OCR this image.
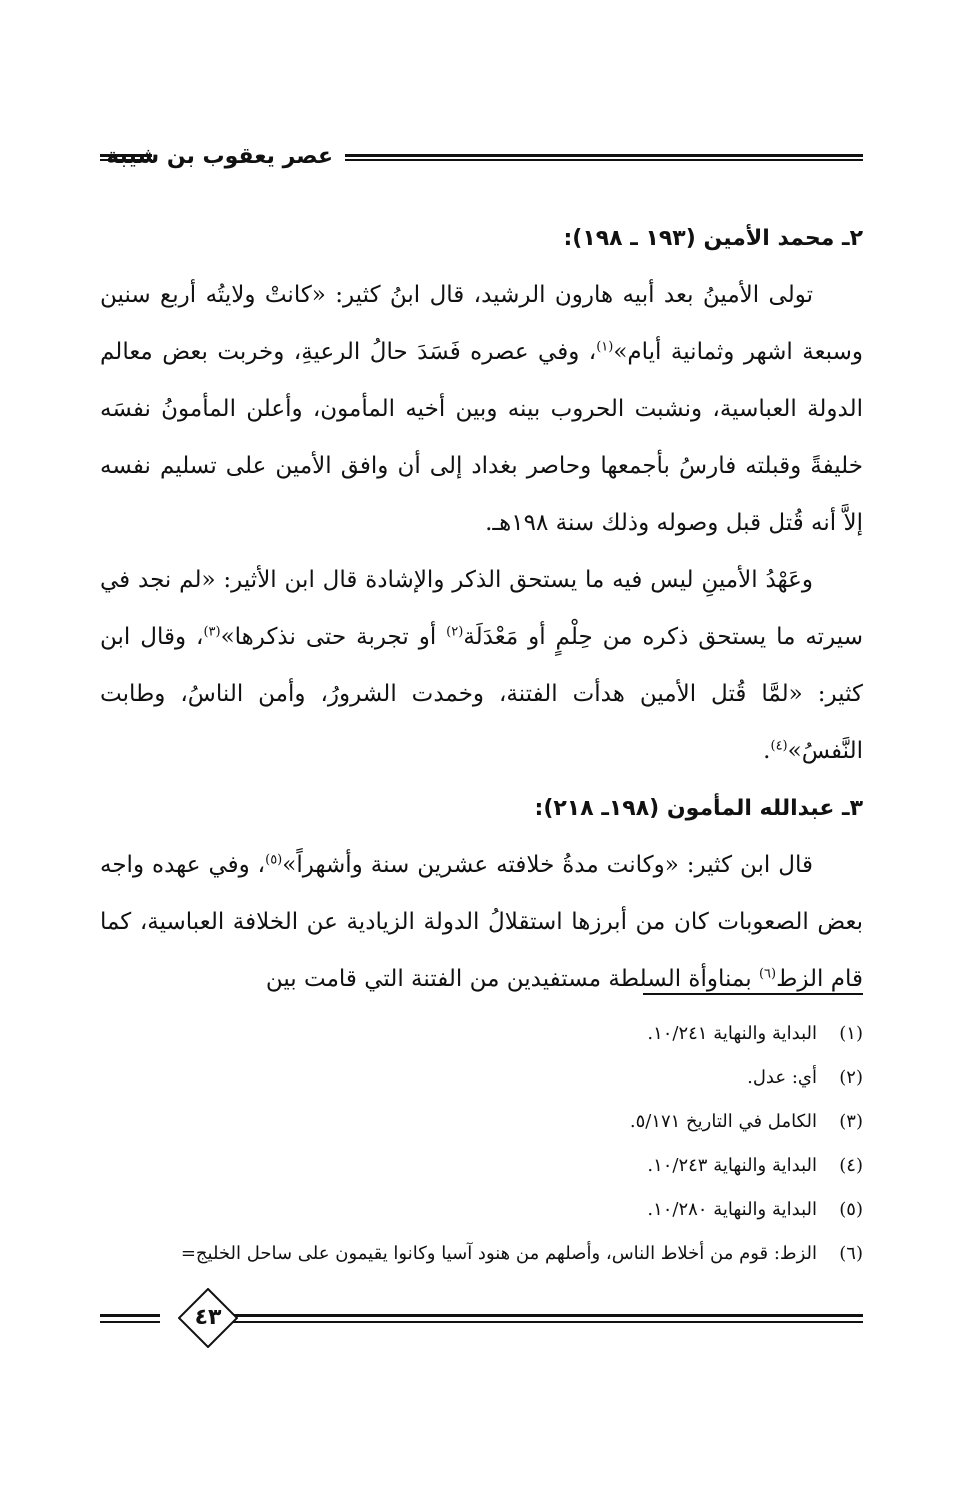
عصر يعقوب بن شيبة
٢ـ محمد الأمين (١٩٣ ـ ١٩٨):

تولى الأمينُ بعد أبيه هارون الرشيد، قال ابنُ كثير: «كانتْ ولايتُه أربع سنين وسبعة اشهر وثمانية أيام»$^{(١)}$، وفي عصره فَسَدَ حالُ الرعيةِ، وخربت بعض معالم الدولة العباسية، ونشبت الحروب بينه وبين أخيه المأمون، وأعلن المأمونُ نفسَه خليفةً وقبلته فارسُ بأجمعها وحاصر بغداد إلى أن وافق الأمين على تسليم نفسه إلاَّ أنه قُتل قبل وصوله وذلك سنة ١٩٨هـ.

وعَهْدُ الأمينِ ليس فيه ما يستحق الذكر والإشادة قال ابن الأثير: «لم نجد في سيرته ما يستحق ذكره من حِلْمٍ أو مَعْدَلَة$^{(٢)}$ أو تجربة حتى نذكرها»$^{(٣)}$، وقال ابن كثير: «لمَّا قُتل الأمين هدأت الفتنة، وخمدت الشرورُ، وأمن الناسُ، وطابت النَّفسُ»$^{(٤)}$.

٣ـ عبدالله المأمون (١٩٨ـ ٢١٨):

قال ابن كثير: «وكانت مدةُ خلافته عشرين سنة وأشهراً»$^{(٥)}$، وفي عهده واجه بعض الصعوبات كان من أبرزها استقلالُ الدولة الزيادية عن الخلافة العباسية، كما قام الزط$^{(٦)}$ بمناوأة السلطة مستفيدين من الفتنة التي قامت بين

(١)
البداية والنهاية ١٠/٢٤١.
(٢)
أي: عدل.
(٣)
الكامل في التاريخ ٥/١٧١.
(٤)
البداية والنهاية ١٠/٢٤٣.
(٥)
البداية والنهاية ١٠/٢٨٠.
(٦)
الزط: قوم من أخلاط الناس، وأصلهم من هنود آسيا وكانوا يقيمون على ساحل الخليج=
٤٣
